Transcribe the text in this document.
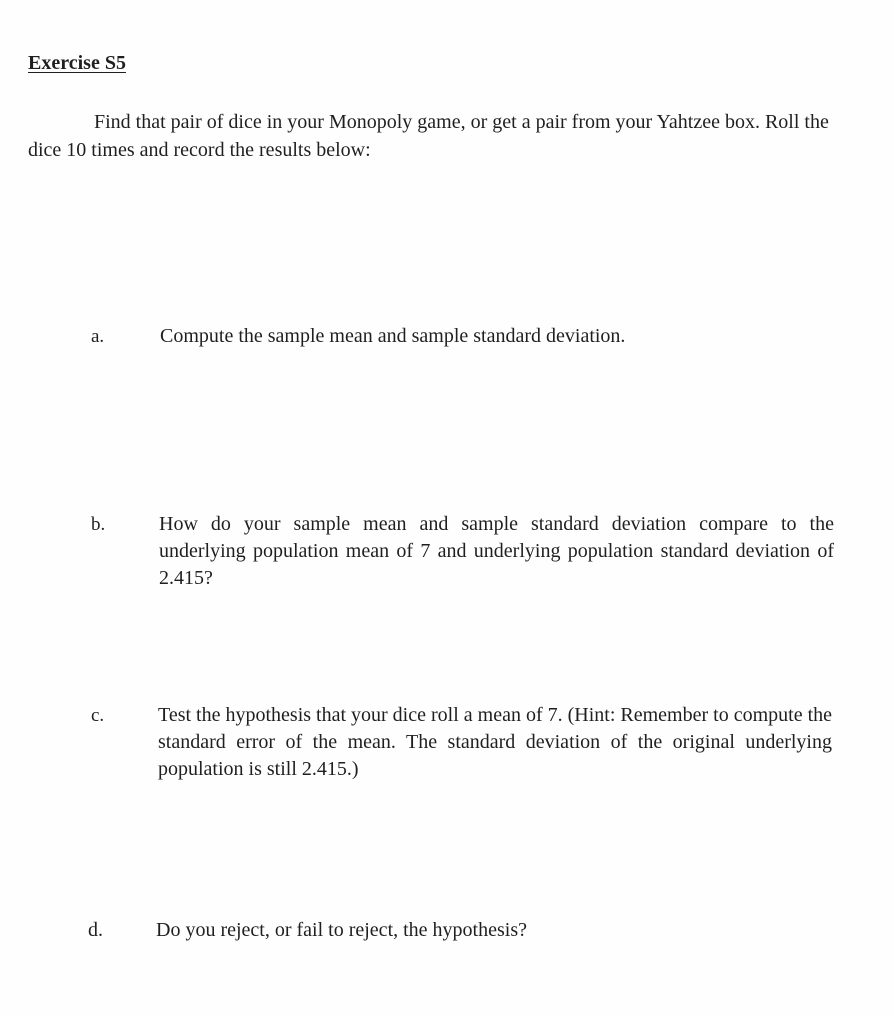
Exercise S5
Find that pair of dice in your Monopoly game, or get a pair from your Yahtzee box. Roll the dice 10 times and record the results below:
a.	Compute the sample mean and sample standard deviation.
b.	How do your sample mean and sample standard deviation compare to the underlying population mean of 7 and underlying population standard deviation of 2.415?
c.	Test the hypothesis that your dice roll a mean of 7. (Hint: Remember to compute the standard error of the mean. The standard deviation of the original underlying population is still 2.415.)
d.	Do you reject, or fail to reject, the hypothesis?
